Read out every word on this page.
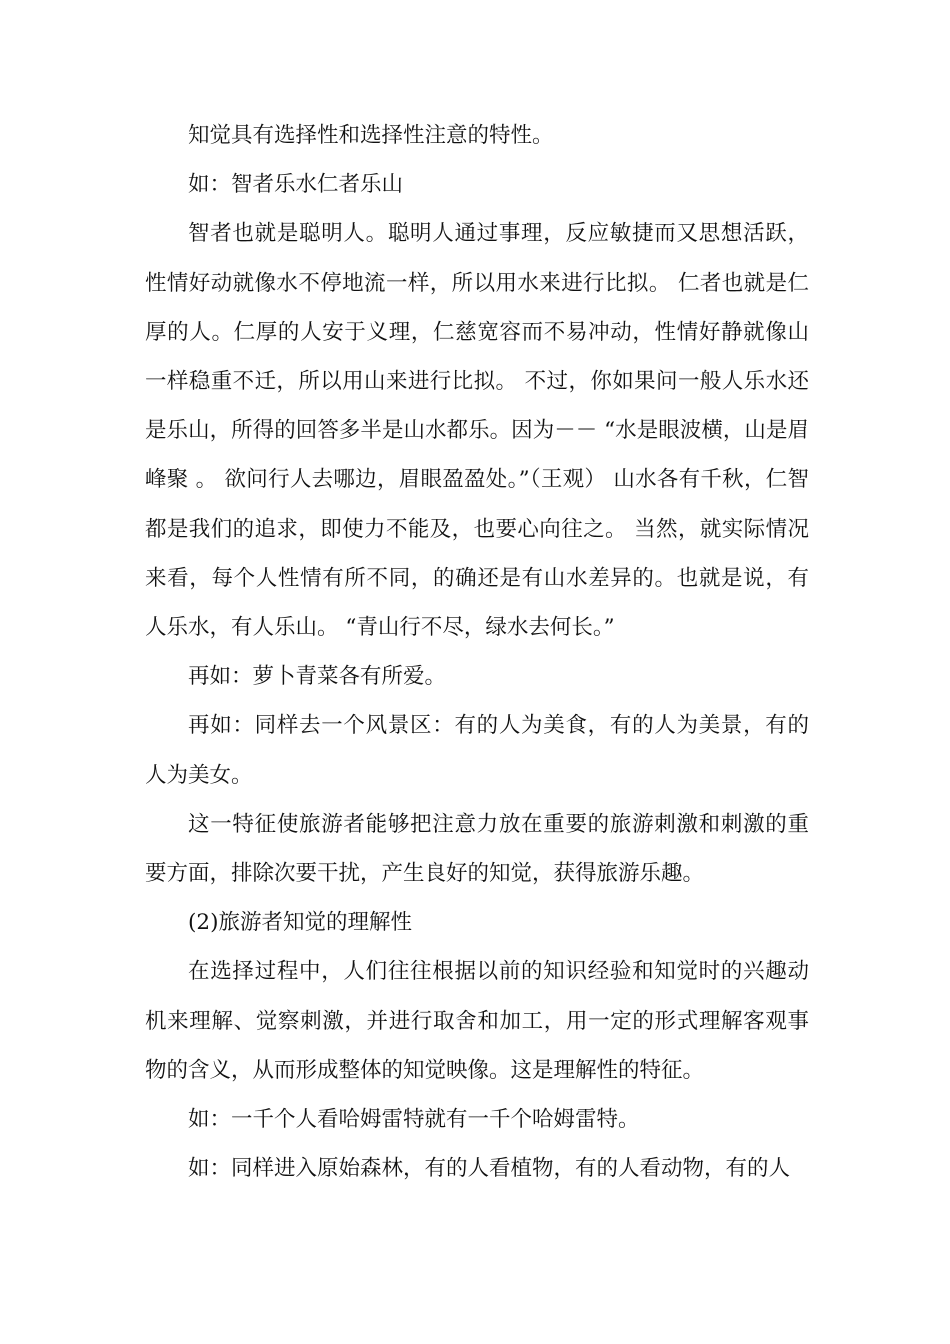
知觉具有选择性和选择性注意的特性。

如：智者乐水仁者乐山

智者也就是聪明人。聪明人通过事理，反应敏捷而又思想活跃，性情好动就像水不停地流一样，所以用水来进行比拟。 仁者也就是仁厚的人。仁厚的人安于义理，仁慈宽容而不易冲动，性情好静就像山一样稳重不迁，所以用山来进行比拟。 不过，你如果问一般人乐水还是乐山，所得的回答多半是山水都乐。因为－－ “水是眼波横，山是眉峰聚 。 欲问行人去哪边，眉眼盈盈处。”（王观） 山水各有千秋，仁智都是我们的追求，即使力不能及，也要心向往之。 当然，就实际情况来看，每个人性情有所不同，的确还是有山水差异的。也就是说，有人乐水，有人乐山。 “青山行不尽，绿水去何长。”

再如：萝卜青菜各有所爱。

再如：同样去一个风景区：有的人为美食，有的人为美景，有的人为美女。

这一特征使旅游者能够把注意力放在重要的旅游刺激和刺激的重要方面，排除次要干扰，产生良好的知觉，获得旅游乐趣。

(2)旅游者知觉的理解性

在选择过程中，人们往往根据以前的知识经验和知觉时的兴趣动机来理解、觉察刺激，并进行取舍和加工，用一定的形式理解客观事物的含义，从而形成整体的知觉映像。这是理解性的特征。

如：一千个人看哈姆雷特就有一千个哈姆雷特。

如：同样进入原始森林，有的人看植物，有的人看动物，有的人
